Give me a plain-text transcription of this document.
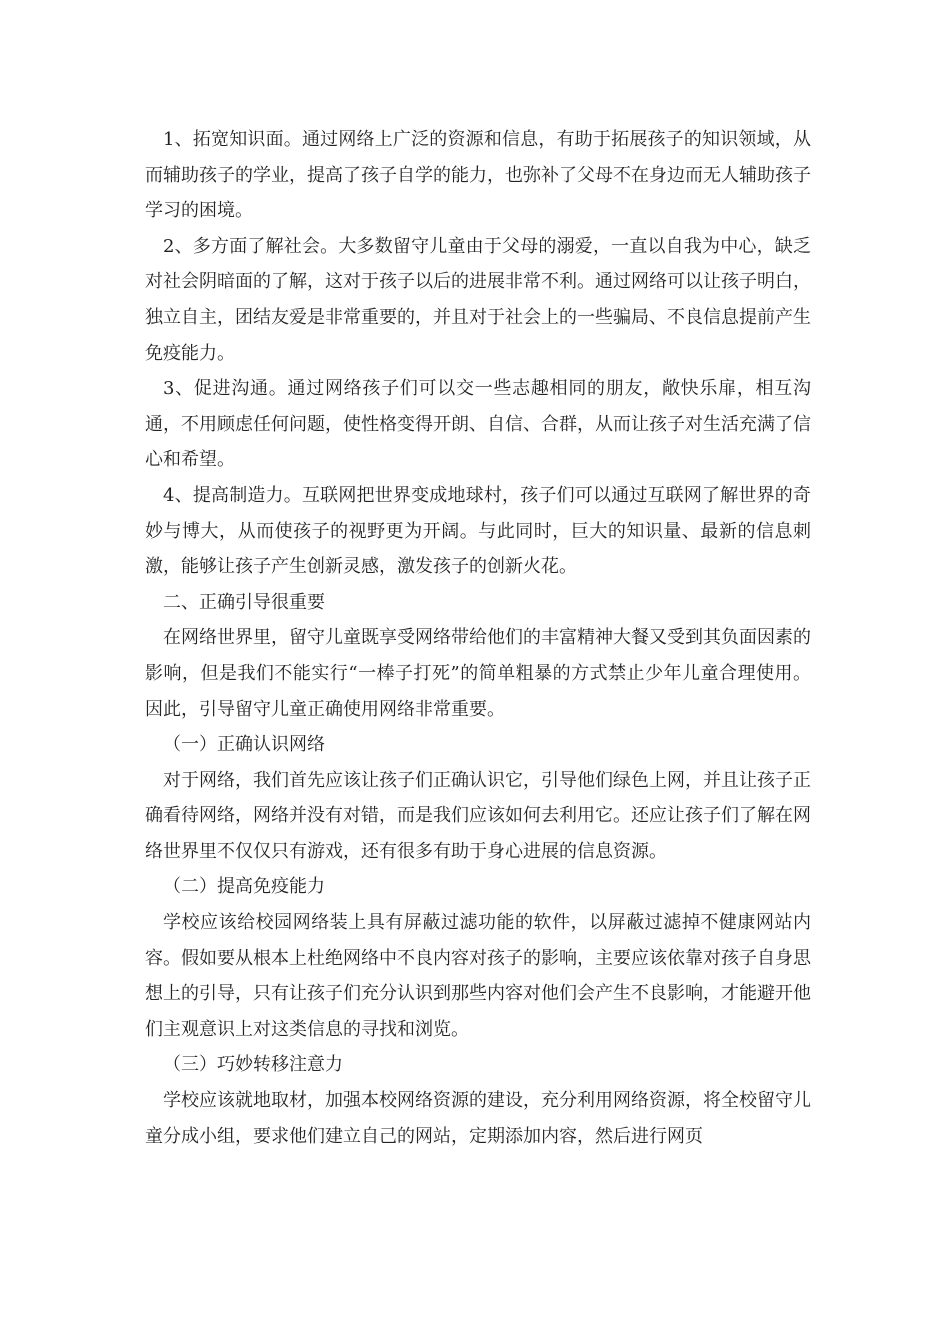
1、拓宽知识面。通过网络上广泛的资源和信息，有助于拓展孩子的知识领域，从而辅助孩子的学业，提高了孩子自学的能力，也弥补了父母不在身边而无人辅助孩子学习的困境。

2、多方面了解社会。大多数留守儿童由于父母的溺爱，一直以自我为中心，缺乏对社会阴暗面的了解，这对于孩子以后的进展非常不利。通过网络可以让孩子明白，独立自主，团结友爱是非常重要的，并且对于社会上的一些骗局、不良信息提前产生免疫能力。

3、促进沟通。通过网络孩子们可以交一些志趣相同的朋友，敞快乐扉，相互沟通，不用顾虑任何问题，使性格变得开朗、自信、合群，从而让孩子对生活充满了信心和希望。

4、提高制造力。互联网把世界变成地球村，孩子们可以通过互联网了解世界的奇妙与博大，从而使孩子的视野更为开阔。与此同时，巨大的知识量、最新的信息刺激，能够让孩子产生创新灵感，激发孩子的创新火花。

二、正确引导很重要

在网络世界里，留守儿童既享受网络带给他们的丰富精神大餐又受到其负面因素的影响，但是我们不能实行“一棒子打死”的简单粗暴的方式禁止少年儿童合理使用。因此，引导留守儿童正确使用网络非常重要。

（一）正确认识网络

对于网络，我们首先应该让孩子们正确认识它，引导他们绿色上网，并且让孩子正确看待网络，网络并没有对错，而是我们应该如何去利用它。还应让孩子们了解在网络世界里不仅仅只有游戏，还有很多有助于身心进展的信息资源。

（二）提高免疫能力

学校应该给校园网络装上具有屏蔽过滤功能的软件，以屏蔽过滤掉不健康网站内容。假如要从根本上杜绝网络中不良内容对孩子的影响，主要应该依靠对孩子自身思想上的引导，只有让孩子们充分认识到那些内容对他们会产生不良影响，才能避开他们主观意识上对这类信息的寻找和浏览。

（三）巧妙转移注意力

学校应该就地取材，加强本校网络资源的建设，充分利用网络资源，将全校留守儿童分成小组，要求他们建立自己的网站，定期添加内容，然后进行网页
